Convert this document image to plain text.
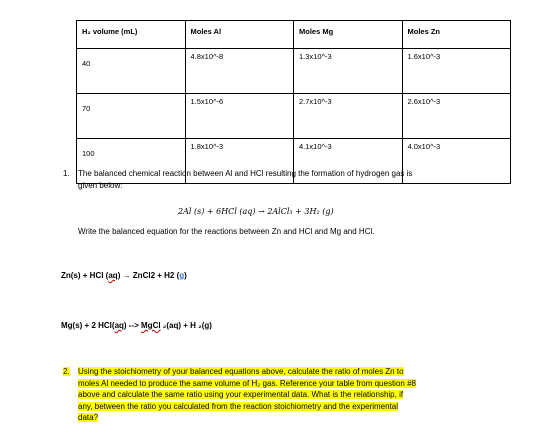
H₂ volume (mL)	Moles Al	Moles Mg	Moles Zn
40	4.8x10^-8	1.3x10^-3	1.6x10^-3
70	1.5x10^-6	2.7x10^-3	2.6x10^-3
100	1.8x10^-3	4.1x10^-3	4.0x10^-3
1. The balanced chemical reaction between Al and HCl resulting the formation of hydrogen gas is
given below:
2Al (s) + 6HCl (aq) → 2AlCl₃ + 3H₂ (g)
Write the balanced equation for the reactions between Zn and HCl and Mg and HCl.
Zn(s) + HCl (aq) → ZnCl2 + H2 (g)
Mg(s) + 2 HCl(aq) --> MgCl ₂(aq) + H ₂(g)
2. Using the stoichiometry of your balanced equations above, calculate the ratio of moles Zn to
moles Al needed to produce the same volume of H₂ gas. Reference your table from question #8
above and calculate the same ratio using your experimental data. What is the relationship, if
any, between the ratio you calculated from the reaction stoichiometry and the experimental
data?
